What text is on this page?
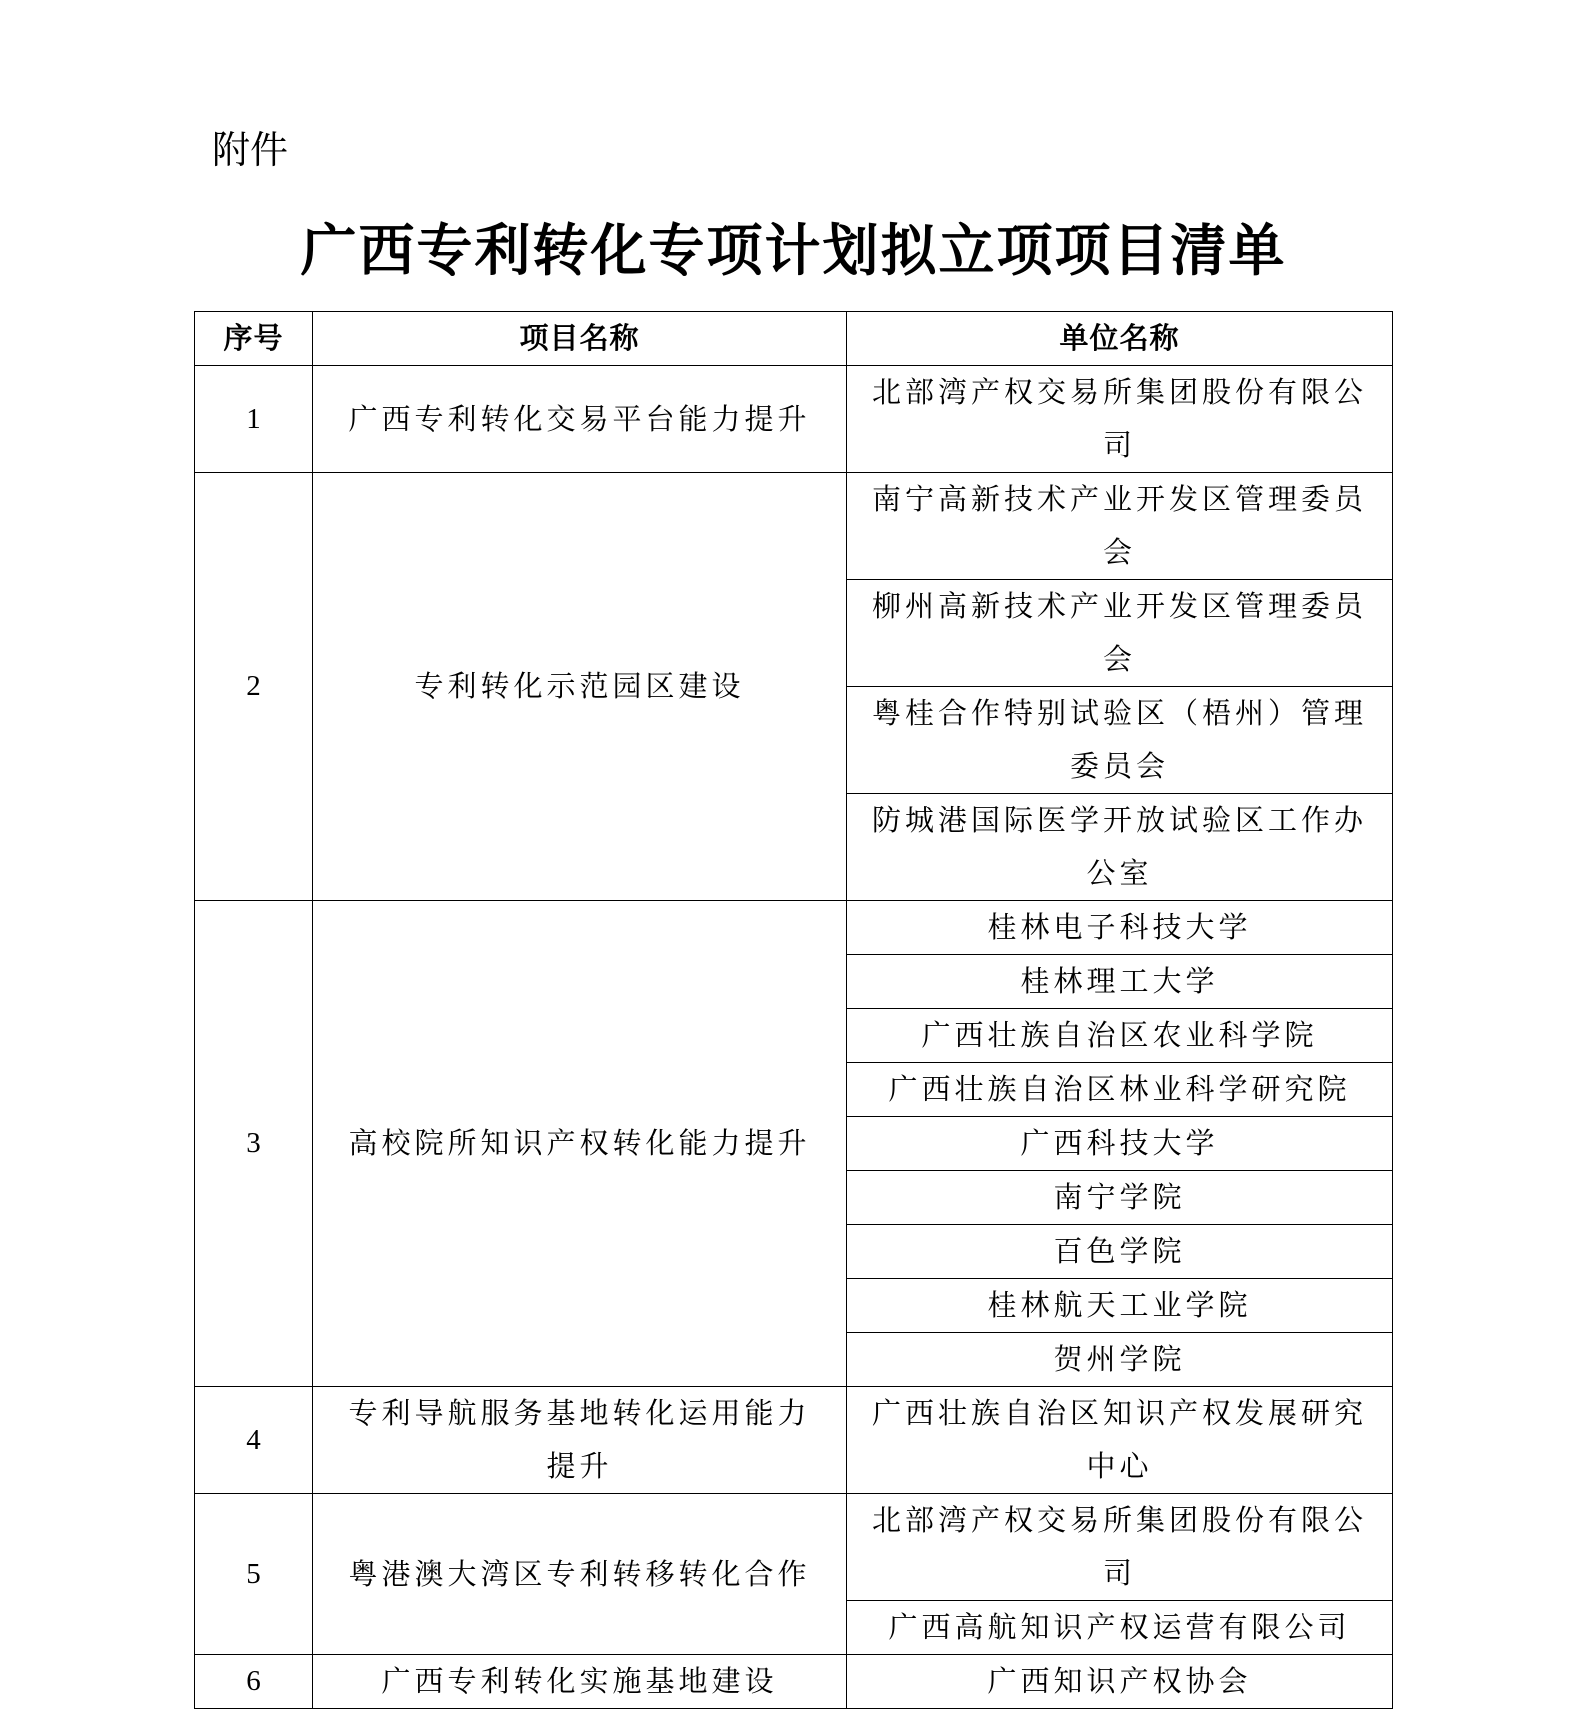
附件
广西专利转化专项计划拟立项项目清单
序号	项目名称	单位名称
1	广西专利转化交易平台能力提升	北部湾产权交易所集团股份有限公司
2	专利转化示范园区建设	南宁高新技术产业开发区管理委员会
		柳州高新技术产业开发区管理委员会
		粤桂合作特别试验区（梧州）管理委员会
		防城港国际医学开放试验区工作办公室
3	高校院所知识产权转化能力提升	桂林电子科技大学
		桂林理工大学
		广西壮族自治区农业科学院
		广西壮族自治区林业科学研究院
		广西科技大学
		南宁学院
		百色学院
		桂林航天工业学院
		贺州学院
4	专利导航服务基地转化运用能力提升	广西壮族自治区知识产权发展研究中心
5	粤港澳大湾区专利转移转化合作	北部湾产权交易所集团股份有限公司
		广西高航知识产权运营有限公司
6	广西专利转化实施基地建设	广西知识产权协会
